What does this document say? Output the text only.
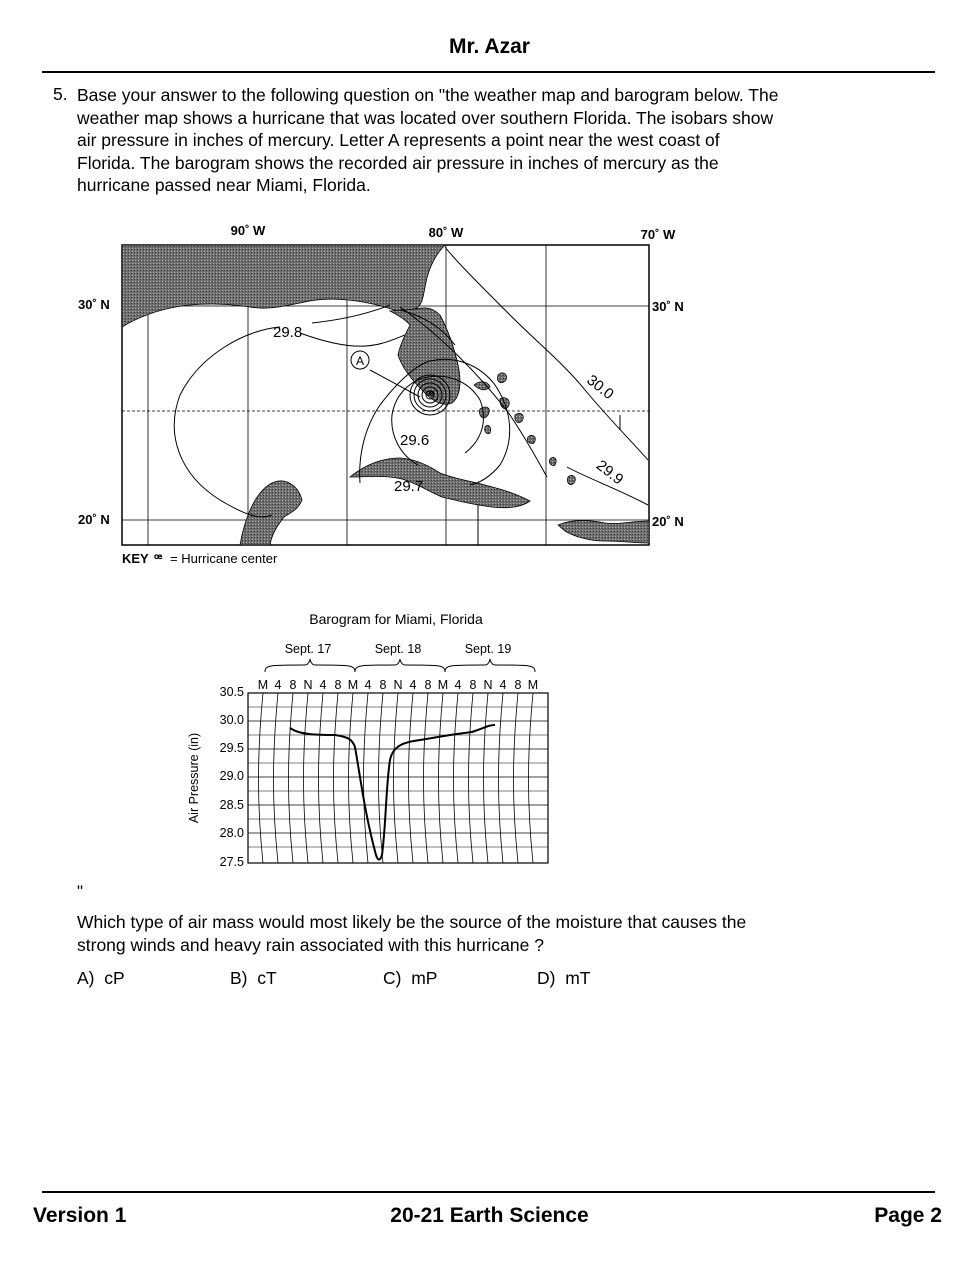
Mr. Azar
5. Base your answer to the following question on "the weather map and barogram below. The
weather map shows a hurricane that was located over southern Florida. The isobars show
air pressure in inches of mercury. Letter A represents a point near the west coast of
Florida. The barogram shows the recorded air pressure in inches of mercury as the
hurricane passed near Miami, Florida.
A
ꟹ
90˚ W	80˚ W	70˚ W
30˚ N
20˚ N
30˚ N
20˚ N
29.8
30.0
29.6
29.7	29.9
KEY ꟹ = Hurricane center
Barogram for Miami, Florida
Sept. 17	Sept. 18	Sept. 19
M 4 8 N 4 8 M 4 8 N 4 8 M 4 8 N 4 8 M
30.5
30.0
29.5
29.0
28.5
28.0
27.5
Air Pressure (in)
"
Which type of air mass would most likely be the source of the moisture that causes the
strong winds and heavy rain associated with this hurricane ?
A) cP	B) cT	C) mP	D) mT
Version 1	20-21 Earth Science	Page 2
